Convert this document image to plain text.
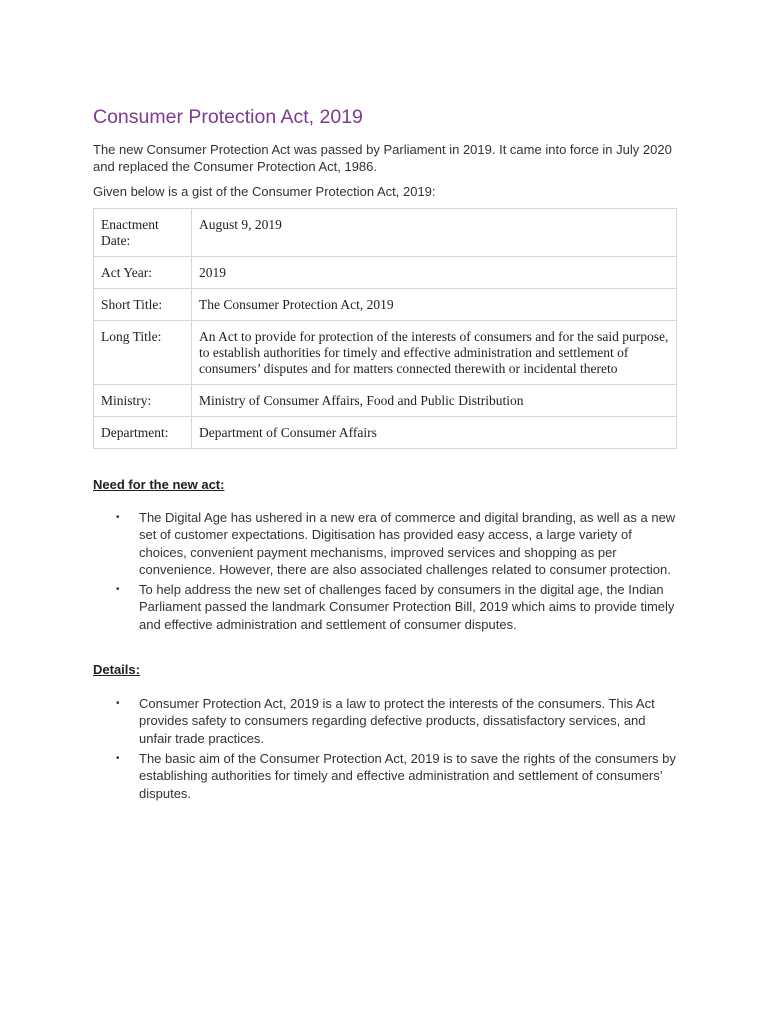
Consumer Protection Act, 2019

The new Consumer Protection Act was passed by Parliament in 2019. It came into force in July 2020 and replaced the Consumer Protection Act, 1986.

Given below is a gist of the Consumer Protection Act, 2019:

Enactment Date:	August 9, 2019
Act Year:	2019
Short Title:	The Consumer Protection Act, 2019
Long Title:	An Act to provide for protection of the interests of consumers and for the said purpose, to establish authorities for timely and effective administration and settlement of consumers’ disputes and for matters connected therewith or incidental thereto
Ministry:	Ministry of Consumer Affairs, Food and Public Distribution
Department:	Department of Consumer Affairs

Need for the new act:

• The Digital Age has ushered in a new era of commerce and digital branding, as well as a new set of customer expectations. Digitisation has provided easy access, a large variety of choices, convenient payment mechanisms, improved services and shopping as per convenience. However, there are also associated challenges related to consumer protection.
• To help address the new set of challenges faced by consumers in the digital age, the Indian Parliament passed the landmark Consumer Protection Bill, 2019 which aims to provide timely and effective administration and settlement of consumer disputes.

Details:

• Consumer Protection Act, 2019 is a law to protect the interests of the consumers. This Act provides safety to consumers regarding defective products, dissatisfactory services, and unfair trade practices.
• The basic aim of the Consumer Protection Act, 2019 is to save the rights of the consumers by establishing authorities for timely and effective administration and settlement of consumers’ disputes.
